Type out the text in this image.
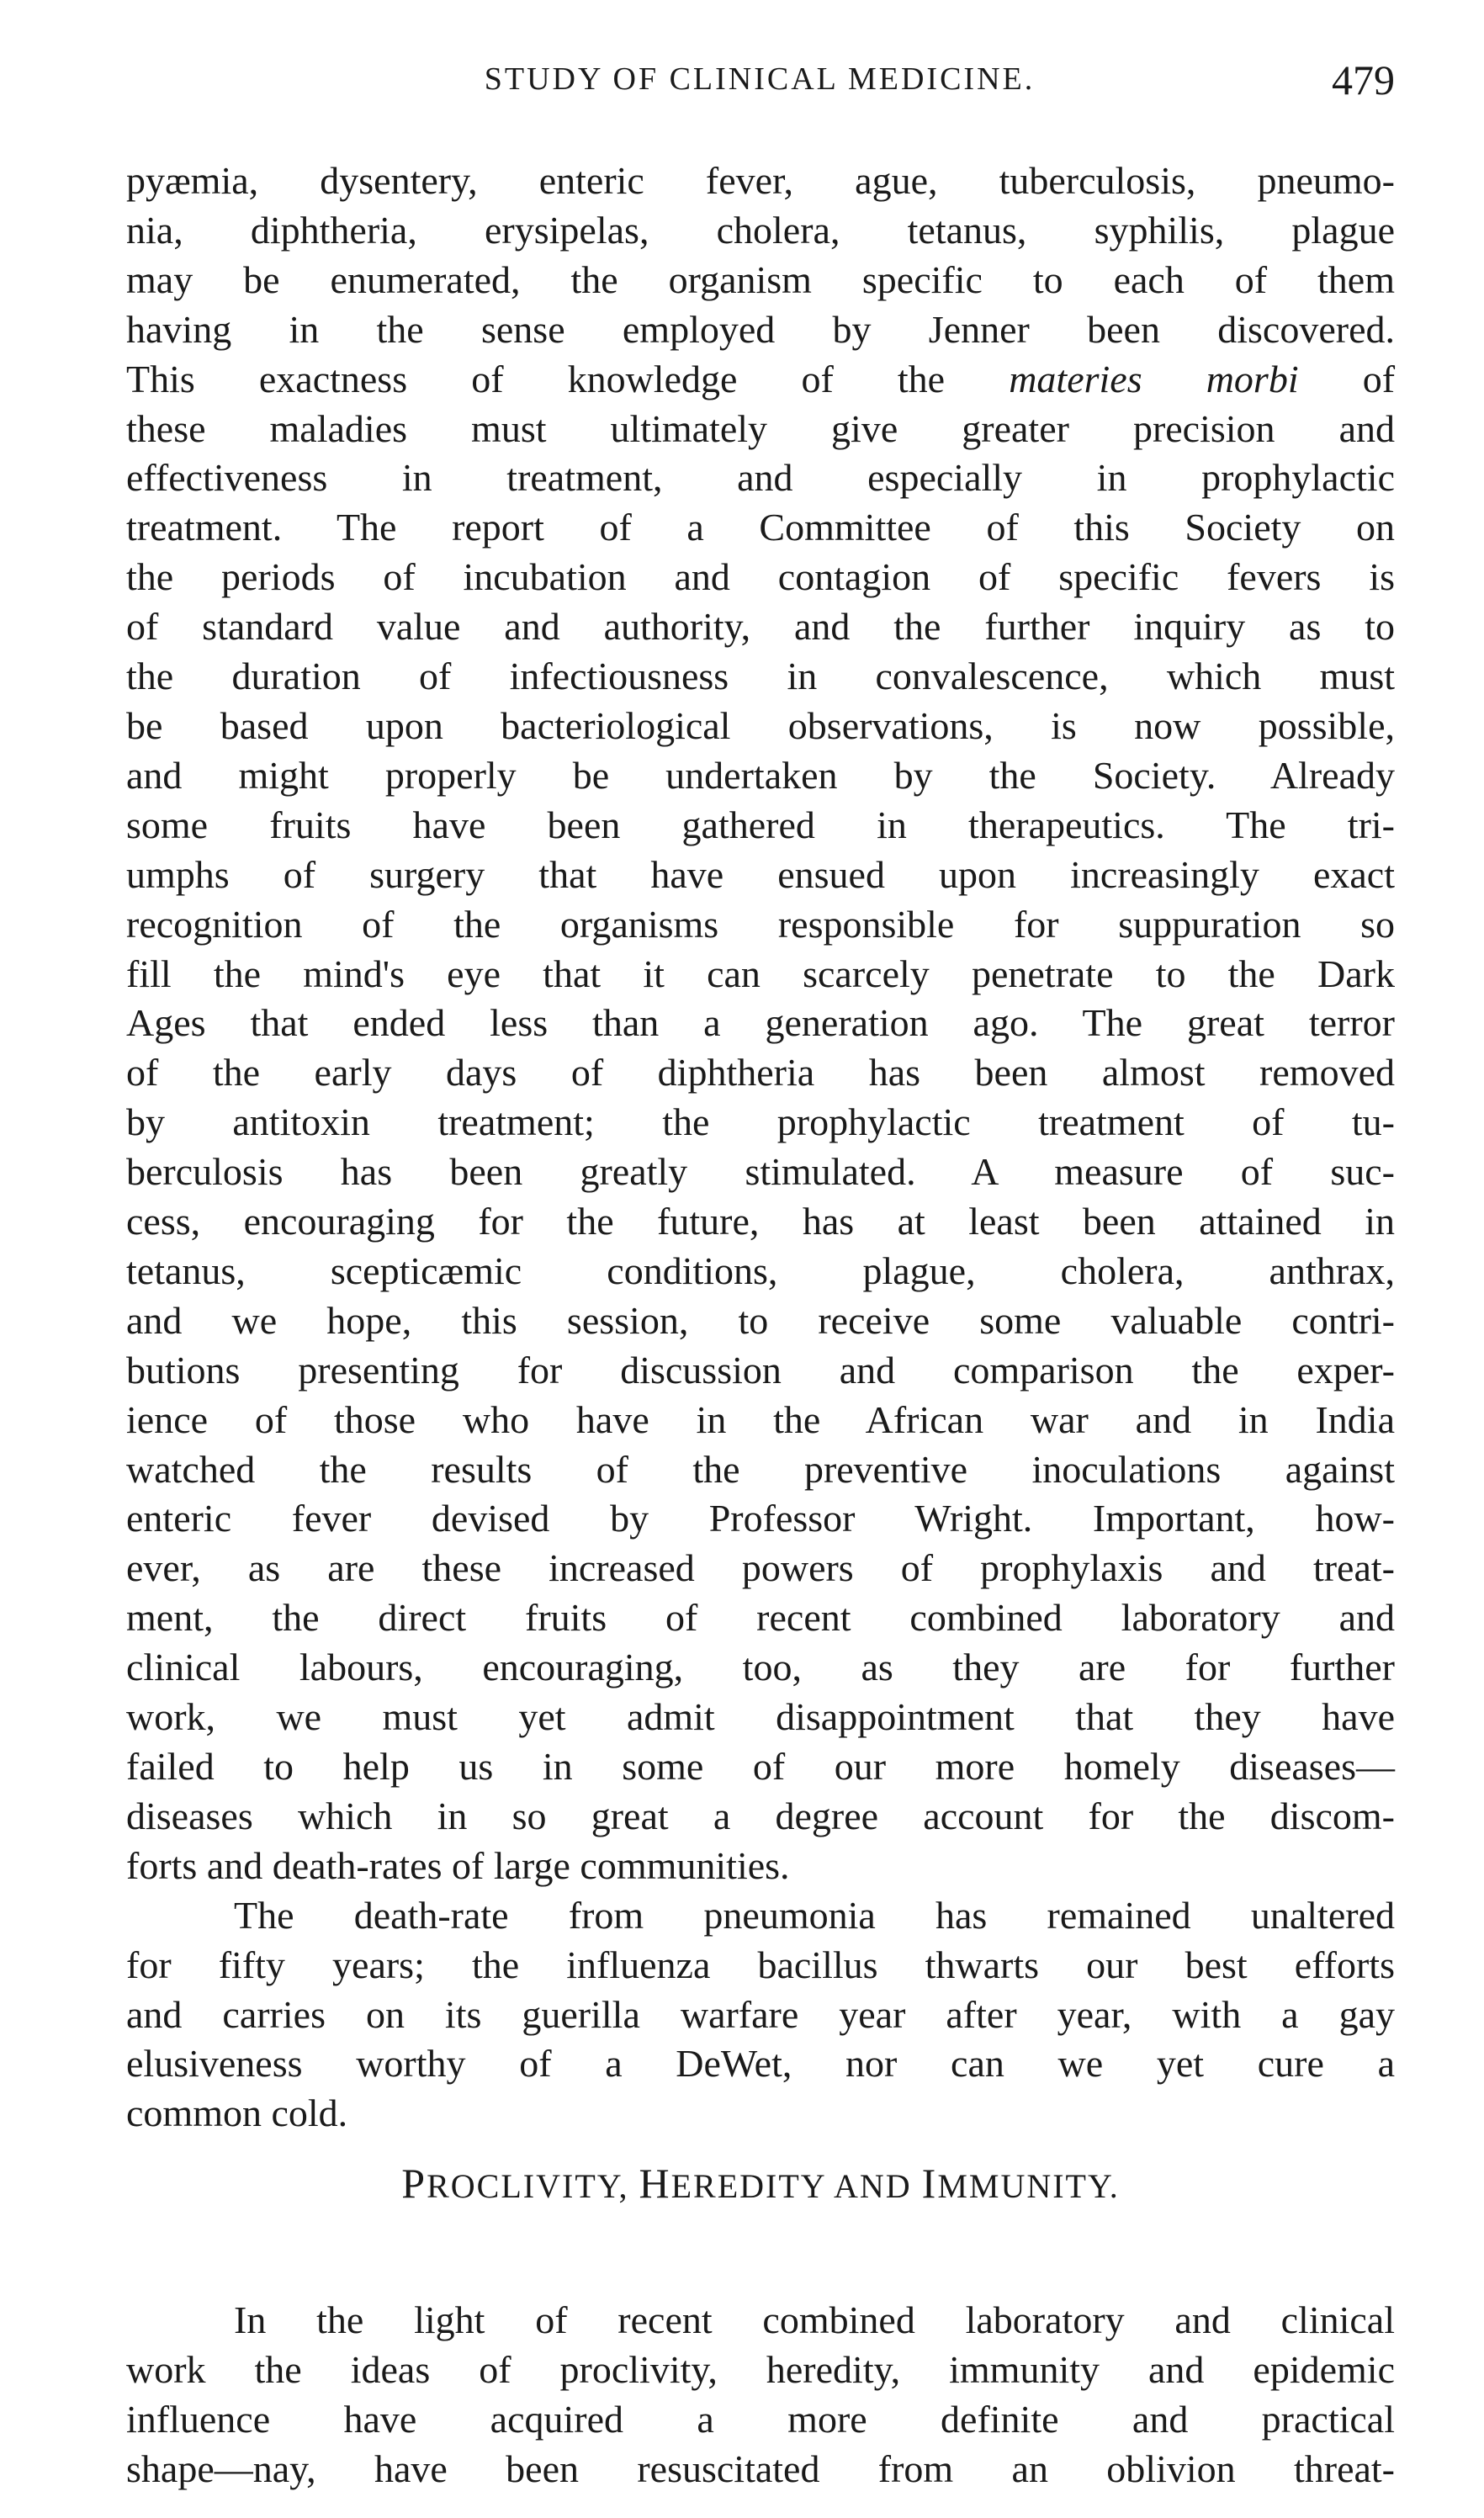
STUDY OF CLINICAL MEDICINE.	479
pyæmia, dysentery, enteric fever, ague, tuberculosis, pneumo-
nia, diphtheria, erysipelas, cholera, tetanus, syphilis, plague
may be enumerated, the organism specific to each of them
having in the sense employed by Jenner been discovered.
This exactness of knowledge of the materies morbi of
these maladies must ultimately give greater precision and
effectiveness in treatment, and especially in prophylactic
treatment. The report of a Committee of this Society on
the periods of incubation and contagion of specific fevers is
of standard value and authority, and the further inquiry as to
the duration of infectiousness in convalescence, which must
be based upon bacteriological observations, is now possible,
and might properly be undertaken by the Society. Already
some fruits have been gathered in therapeutics. The tri-
umphs of surgery that have ensued upon increasingly exact
recognition of the organisms responsible for suppuration so
fill the mind's eye that it can scarcely penetrate to the Dark
Ages that ended less than a generation ago. The great terror
of the early days of diphtheria has been almost removed
by antitoxin treatment; the prophylactic treatment of tu-
berculosis has been greatly stimulated. A measure of suc-
cess, encouraging for the future, has at least been attained in
tetanus, scepticæmic conditions, plague, cholera, anthrax,
and we hope, this session, to receive some valuable contri-
butions presenting for discussion and comparison the exper-
ience of those who have in the African war and in India
watched the results of the preventive inoculations against
enteric fever devised by Professor Wright. Important, how-
ever, as are these increased powers of prophylaxis and treat-
ment, the direct fruits of recent combined laboratory and
clinical labours, encouraging, too, as they are for further
work, we must yet admit disappointment that they have
failed to help us in some of our more homely diseases—
diseases which in so great a degree account for the discom-
forts and death-rates of large communities.
The death-rate from pneumonia has remained unaltered
for fifty years; the influenza bacillus thwarts our best efforts
and carries on its guerilla warfare year after year, with a gay
elusiveness worthy of a DeWet, nor can we yet cure a
common cold.
PROCLIVITY, HEREDITY AND IMMUNITY.
In the light of recent combined laboratory and clinical
work the ideas of proclivity, heredity, immunity and epidemic
influence have acquired a more definite and practical
shape—nay, have been resuscitated from an oblivion threat-
